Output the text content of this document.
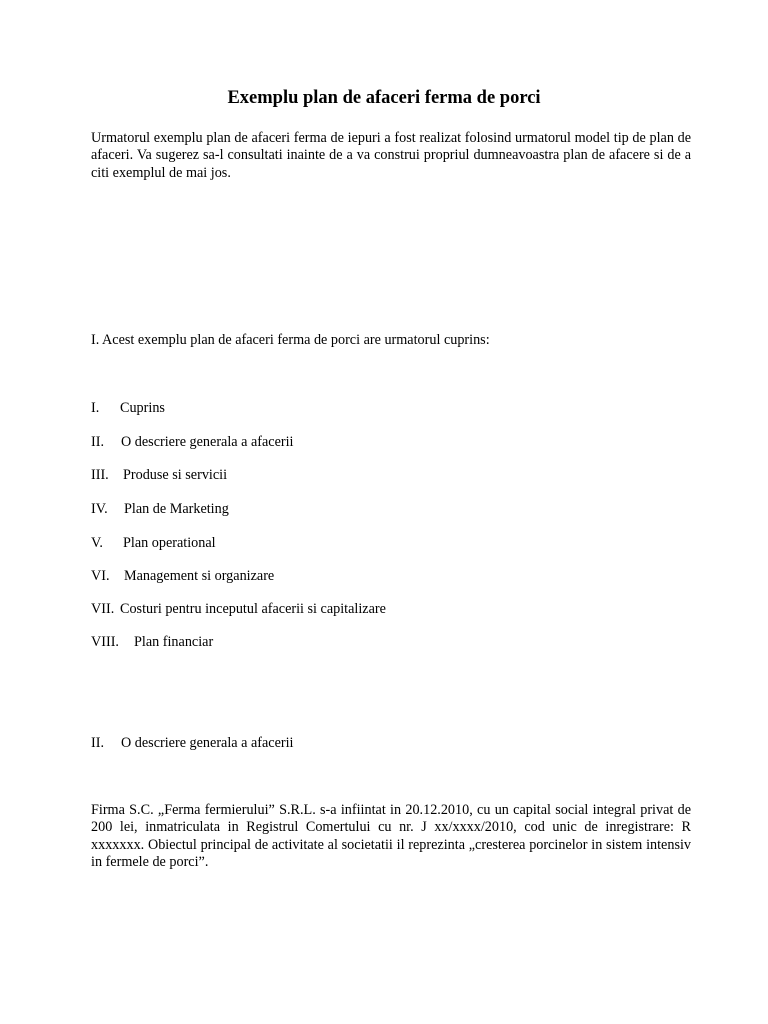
Exemplu plan de afaceri ferma de porci

Urmatorul exemplu plan de afaceri ferma de iepuri a fost realizat folosind urmatorul model tip de plan de afaceri. Va sugerez sa-l consultati inainte de a va construi propriul dumneavoastra plan de afacere si de a citi exemplul de mai jos.

I. Acest exemplu plan de afaceri ferma de porci are urmatorul cuprins:

I. Cuprins
II. O descriere generala a afacerii
III. Produse si servicii
IV. Plan de Marketing
V. Plan operational
VI. Management si organizare
VII. Costuri pentru inceputul afacerii si capitalizare
VIII. Plan financiar
II. O descriere generala a afacerii

Firma S.C. „Ferma fermierului” S.R.L. s-a infiintat in 20.12.2010, cu un capital social integral privat de 200 lei, inmatriculata in Registrul Comertului cu nr. J xx/xxxx/2010, cod unic de inregistrare: R xxxxxxx. Obiectul principal de activitate al societatii il reprezinta „cresterea porcinelor in sistem intensiv in fermele de porci”.
